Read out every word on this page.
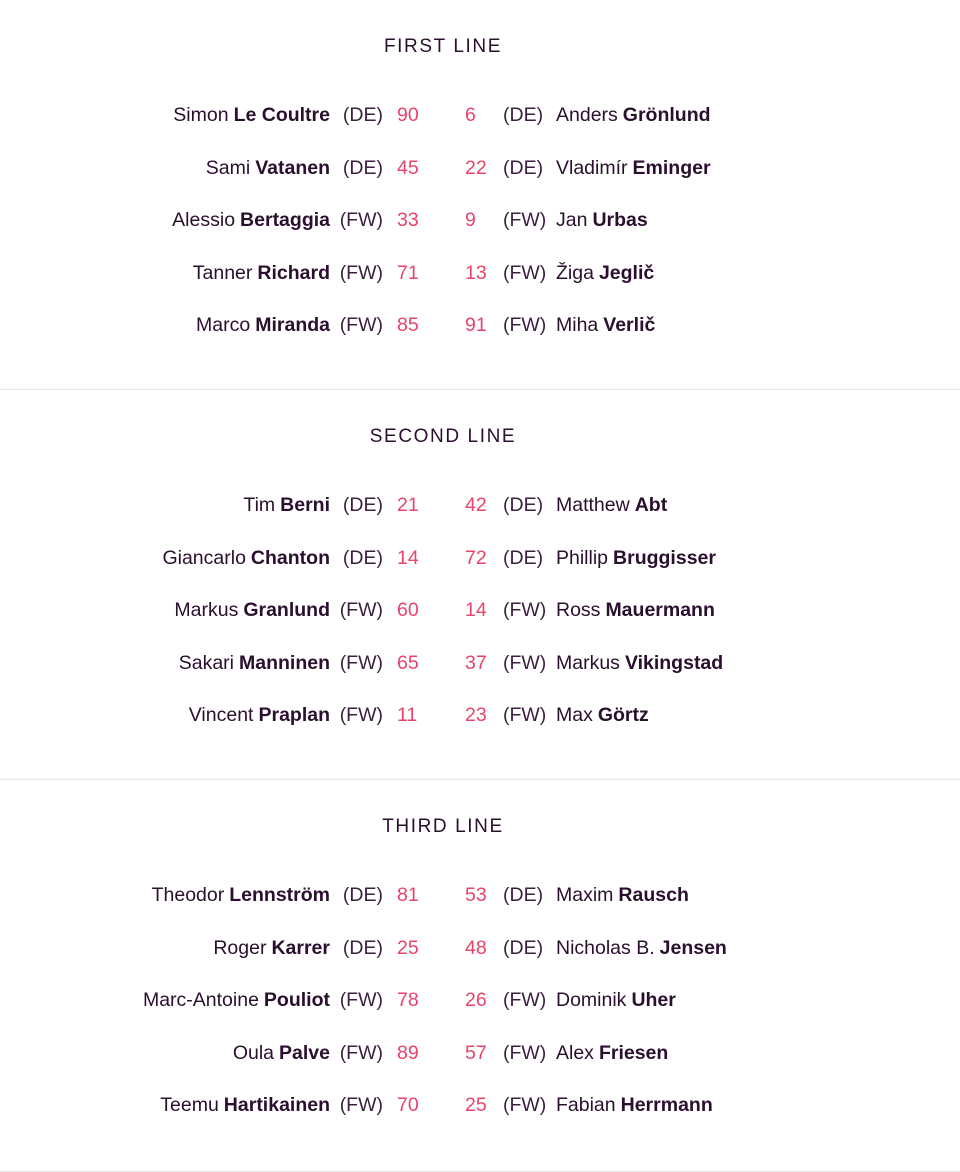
FIRST LINE
Simon Le Coultre (DE) 90 6 (DE) Anders Grönlund
Sami Vatanen (DE) 45 22 (DE) Vladimír Eminger
Alessio Bertaggia (FW) 33 9 (FW) Jan Urbas
Tanner Richard (FW) 71 13 (FW) Žiga Jeglič
Marco Miranda (FW) 85 91 (FW) Miha Verlič
SECOND LINE
Tim Berni (DE) 21 42 (DE) Matthew Abt
Giancarlo Chanton (DE) 14 72 (DE) Phillip Bruggisser
Markus Granlund (FW) 60 14 (FW) Ross Mauermann
Sakari Manninen (FW) 65 37 (FW) Markus Vikingstad
Vincent Praplan (FW) 11 23 (FW) Max Görtz
THIRD LINE
Theodor Lennström (DE) 81 53 (DE) Maxim Rausch
Roger Karrer (DE) 25 48 (DE) Nicholas B. Jensen
Marc-Antoine Pouliot (FW) 78 26 (FW) Dominik Uher
Oula Palve (FW) 89 57 (FW) Alex Friesen
Teemu Hartikainen (FW) 70 25 (FW) Fabian Herrmann
